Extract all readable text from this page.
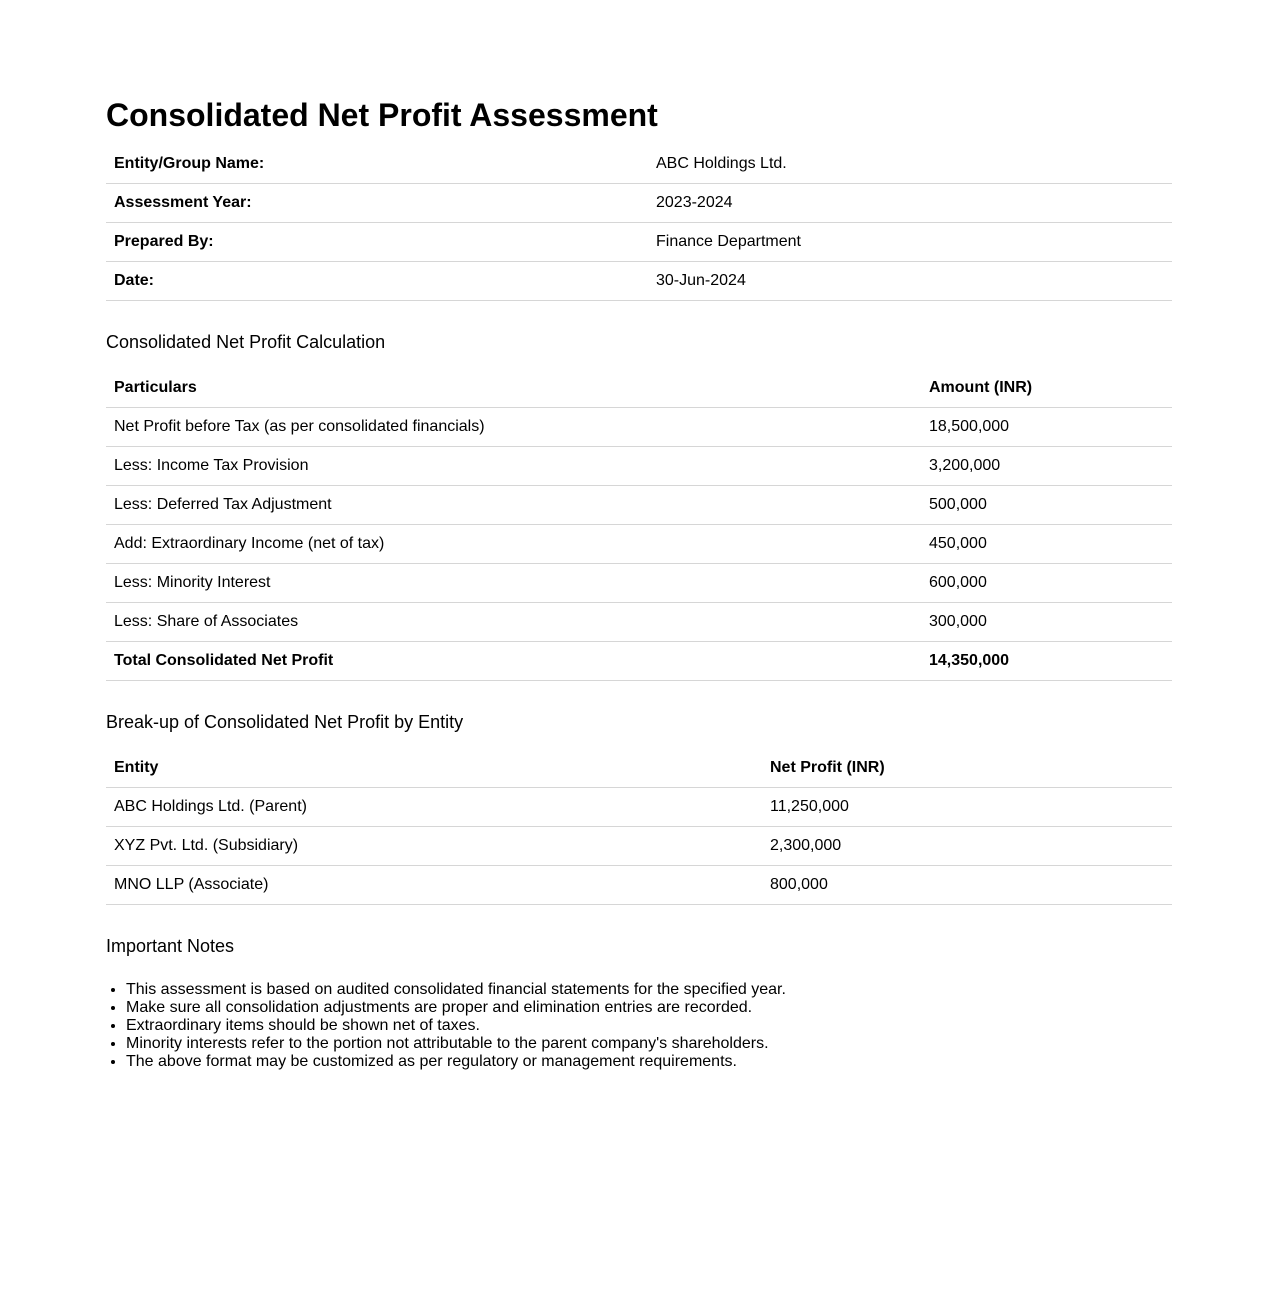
Consolidated Net Profit Assessment
Entity/Group Name:	ABC Holdings Ltd.
Assessment Year:	2023-2024
Prepared By:	Finance Department
Date:	30-Jun-2024
Consolidated Net Profit Calculation
Particulars	Amount (INR)
Net Profit before Tax (as per consolidated financials)	18,500,000
Less: Income Tax Provision	3,200,000
Less: Deferred Tax Adjustment	500,000
Add: Extraordinary Income (net of tax)	450,000
Less: Minority Interest	600,000
Less: Share of Associates	300,000
Total Consolidated Net Profit	14,350,000
Break-up of Consolidated Net Profit by Entity
Entity	Net Profit (INR)
ABC Holdings Ltd. (Parent)	11,250,000
XYZ Pvt. Ltd. (Subsidiary)	2,300,000
MNO LLP (Associate)	800,000
Important Notes
• This assessment is based on audited consolidated financial statements for the specified year.
• Make sure all consolidation adjustments are proper and elimination entries are recorded.
• Extraordinary items should be shown net of taxes.
• Minority interests refer to the portion not attributable to the parent company's shareholders.
• The above format may be customized as per regulatory or management requirements.
